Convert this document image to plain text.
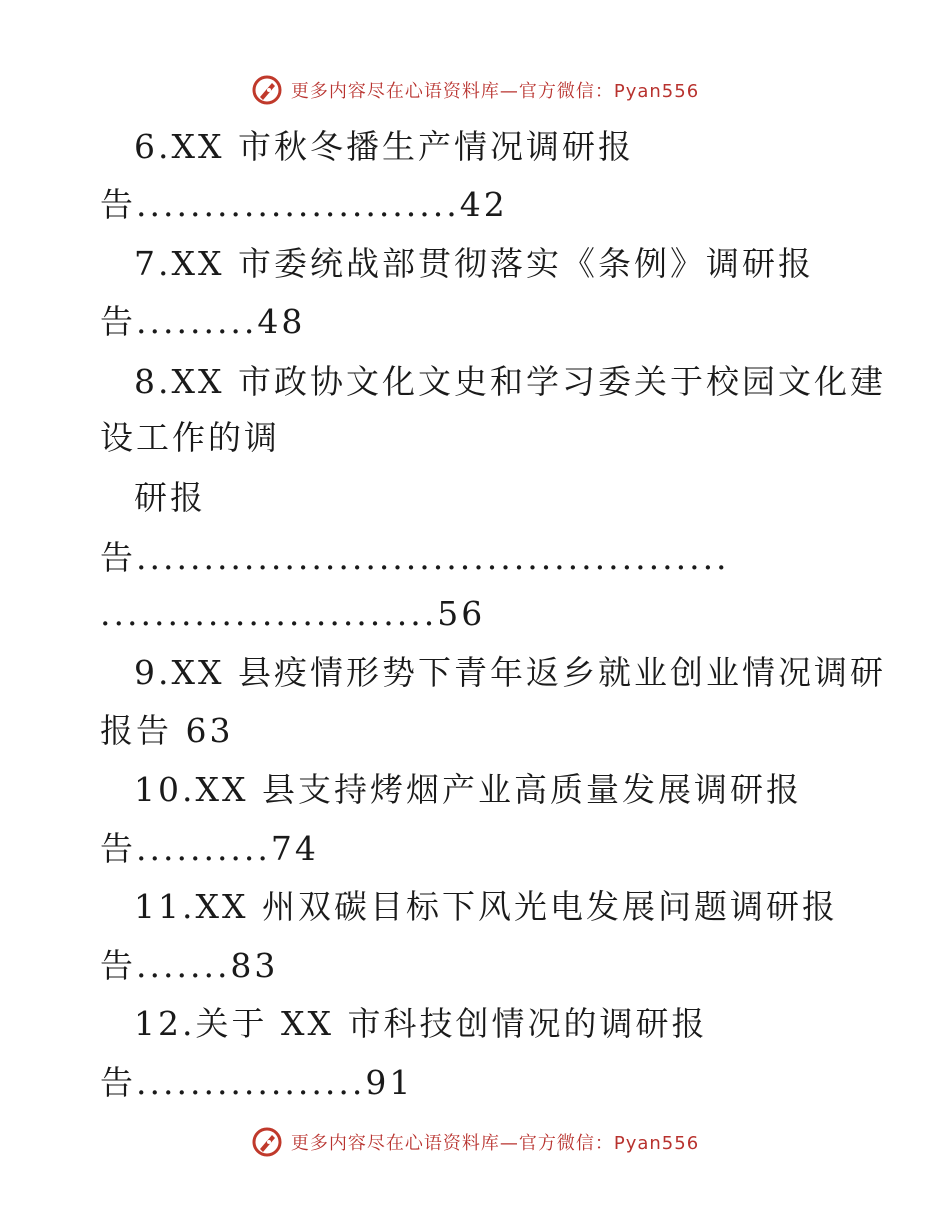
更多内容尽在心语资料库—官方微信：Pyan556
6.XX 市秋冬播生产情况调研报
告........................42
7.XX 市委统战部贯彻落实《条例》调研报
告.........48
8.XX 市政协文化文史和学习委关于校园文化建
设工作的调
研报
告............................................
.........................56
9.XX 县疫情形势下青年返乡就业创业情况调研
报告 63
10.XX 县支持烤烟产业高质量发展调研报
告..........74
11.XX 州双碳目标下风光电发展问题调研报
告.......83
12.关于 XX 市科技创情况的调研报
告.................91
更多内容尽在心语资料库—官方微信：Pyan556
